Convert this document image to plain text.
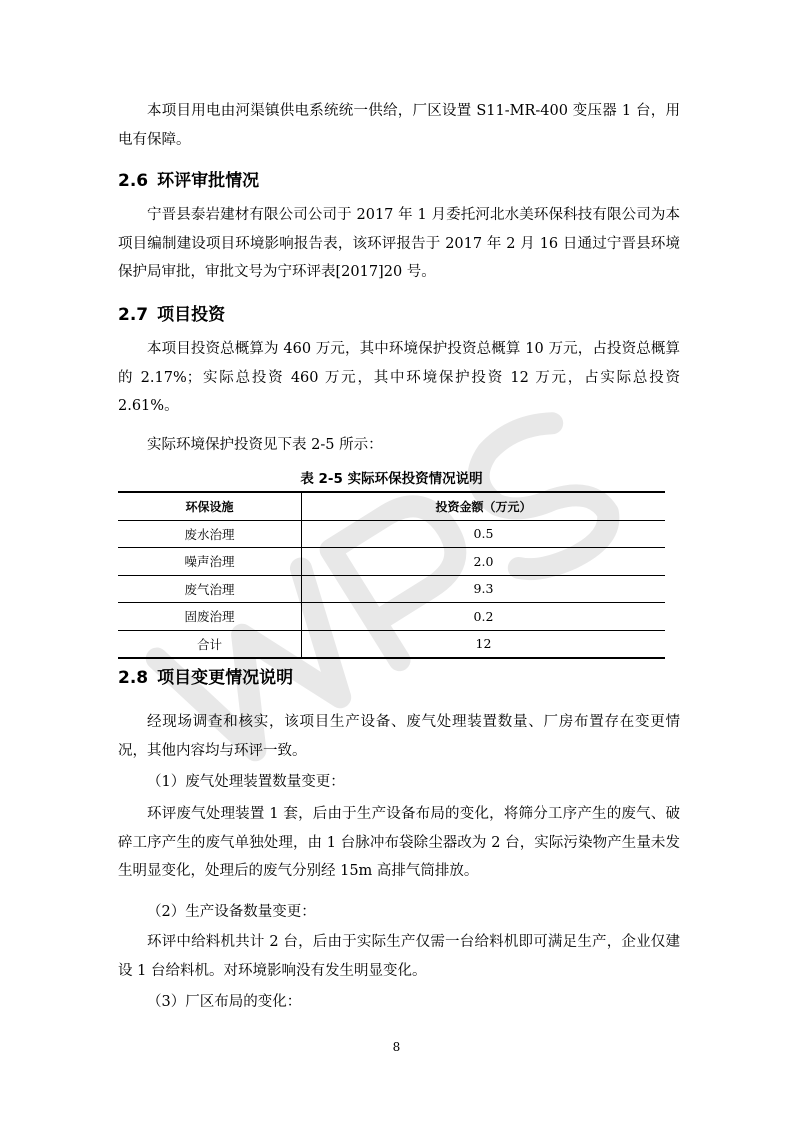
本项目用电由河渠镇供电系统统一供给，厂区设置 S11-MR-400 变压器 1 台，用电有保障。

2.6 环评审批情况

宁晋县泰岩建材有限公司公司于 2017 年 1 月委托河北水美环保科技有限公司为本项目编制建设项目环境影响报告表，该环评报告于 2017 年 2 月 16 日通过宁晋县环境保护局审批，审批文号为宁环评表[2017]20 号。

2.7 项目投资

本项目投资总概算为 460 万元，其中环境保护投资总概算 10 万元，占投资总概算的 2.17%；实际总投资 460 万元，其中环境保护投资 12 万元，占实际总投资 2.61%。

实际环境保护投资见下表 2-5 所示：

表 2-5 实际环保投资情况说明

环保设施	投资金额（万元）
废水治理	0.5
噪声治理	2.0
废气治理	9.3
固废治理	0.2
合计	12
2.8 项目变更情况说明

经现场调查和核实，该项目生产设备、废气处理装置数量、厂房布置存在变更情况，其他内容均与环评一致。

（1）废气处理装置数量变更：

环评废气处理装置 1 套，后由于生产设备布局的变化，将筛分工序产生的废气、破碎工序产生的废气单独处理，由 1 台脉冲布袋除尘器改为 2 台，实际污染物产生量未发生明显变化，处理后的废气分别经 15m 高排气筒排放。

（2）生产设备数量变更：

环评中给料机共计 2 台，后由于实际生产仅需一台给料机即可满足生产，企业仅建设 1 台给料机。对环境影响没有发生明显变化。

（3）厂区布局的变化：

8
